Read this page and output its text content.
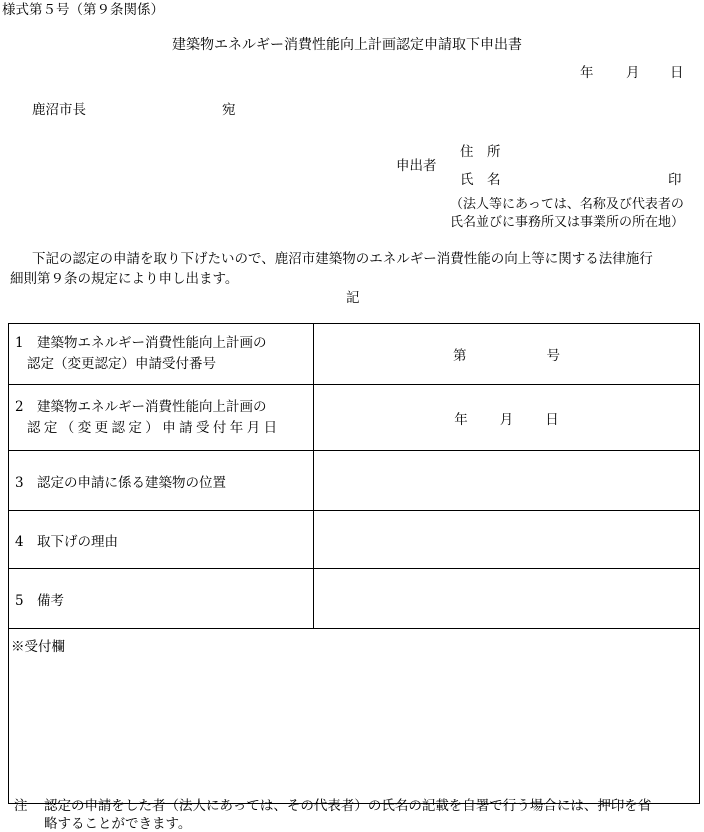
様式第５号（第９条関係）
建築物エネルギー消費性能向上計画認定申請取下申出書
年 月 日
鹿沼市長	宛
申出者
住　所
氏　名	印
（法人等にあっては、名称及び代表者の
氏名並びに事務所又は事業所の所在地）
下記の認定の申請を取り下げたいので、鹿沼市建築物のエネルギー消費性能の向上等に関する法律施行
細則第９条の規定により申し出ます。
記
1 建築物エネルギー消費性能向上計画の
認定（変更認定）申請受付番号	第 号

2 建築物エネルギー消費性能向上計画の
認定（変更認定）申請受付年月日	年 月 日
3 認定の申請に係る建築物の位置	
4 取下げの理由	
5 備考	
※受付欄	
注 認定の申請をした者（法人にあっては、その代表者）の氏名の記載を自署で行う場合には、押印を省
略することができます。
